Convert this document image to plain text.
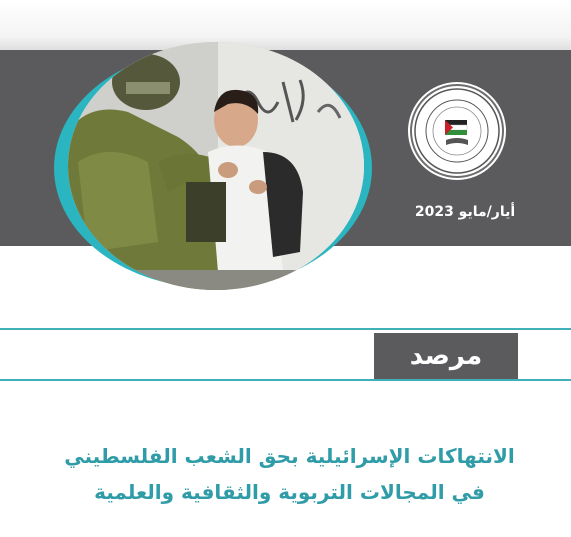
أيار/مايو 2023
مرصد
الانتهاكات الإسرائيلية بحق الشعب الفلسطيني
في المجالات التربوية والثقافية والعلمية
